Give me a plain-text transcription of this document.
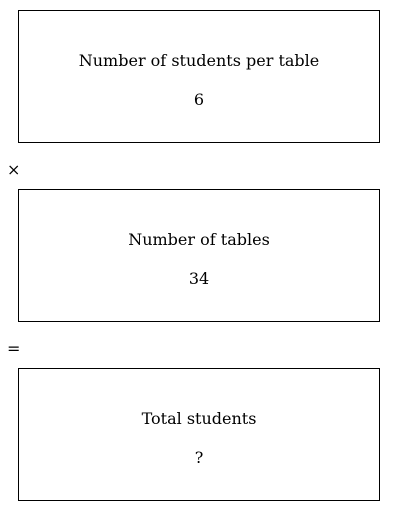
Number of students per table
6
×
Number of tables
34
=
Total students
?
